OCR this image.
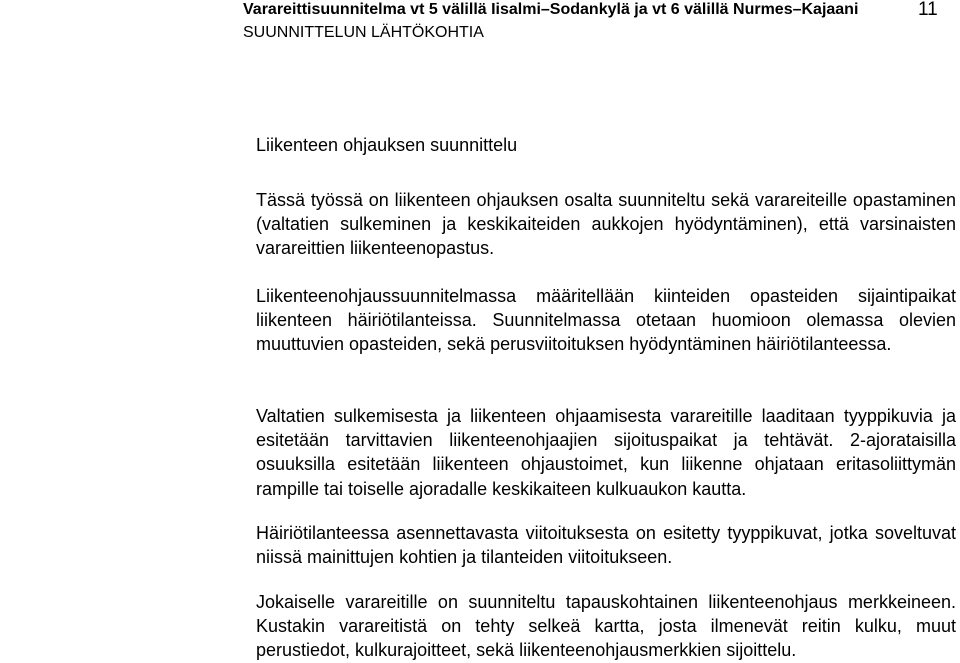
Varareittisuunnitelma vt 5 välillä Iisalmi–Sodankylä ja vt 6 välillä Nurmes–Kajaani
SUUNNITTELUN LÄHTÖKOHTIA
11
Liikenteen ohjauksen suunnittelu

Tässä työssä on liikenteen ohjauksen osalta suunniteltu sekä varareiteille opastaminen (valtatien sulkeminen ja keskikaiteiden aukkojen hyödyntäminen), että varsinaisten varareittien liikenteenopastus.

Liikenteenohjaussuunnitelmassa määritellään kiinteiden opasteiden sijaintipaikat liikenteen häiriötilanteissa. Suunnitelmassa otetaan huomioon olemassa olevien muuttuvien opasteiden, sekä perusviitoituksen hyödyntäminen häiriötilanteessa.

Valtatien sulkemisesta ja liikenteen ohjaamisesta varareitille laaditaan tyyppikuvia ja esitetään tarvittavien liikenteenohjaajien sijoituspaikat ja tehtävät. 2-ajorataisilla osuuksilla esitetään liikenteen ohjaustoimet, kun liikenne ohjataan eritasoliittymän rampille tai toiselle ajoradalle keskikaiteen kulkuaukon kautta.

Häiriötilanteessa asennettavasta viitoituksesta on esitetty tyyppikuvat, jotka soveltuvat niissä mainittujen kohtien ja tilanteiden viitoitukseen.

Jokaiselle varareitille on suunniteltu tapauskohtainen liikenteenohjaus merkkeineen. Kustakin varareitistä on tehty selkeä kartta, josta ilmenevät reitin kulku, muut perustiedot, kulkurajoitteet, sekä liikenteenohjausmerkkien sijoittelu.
